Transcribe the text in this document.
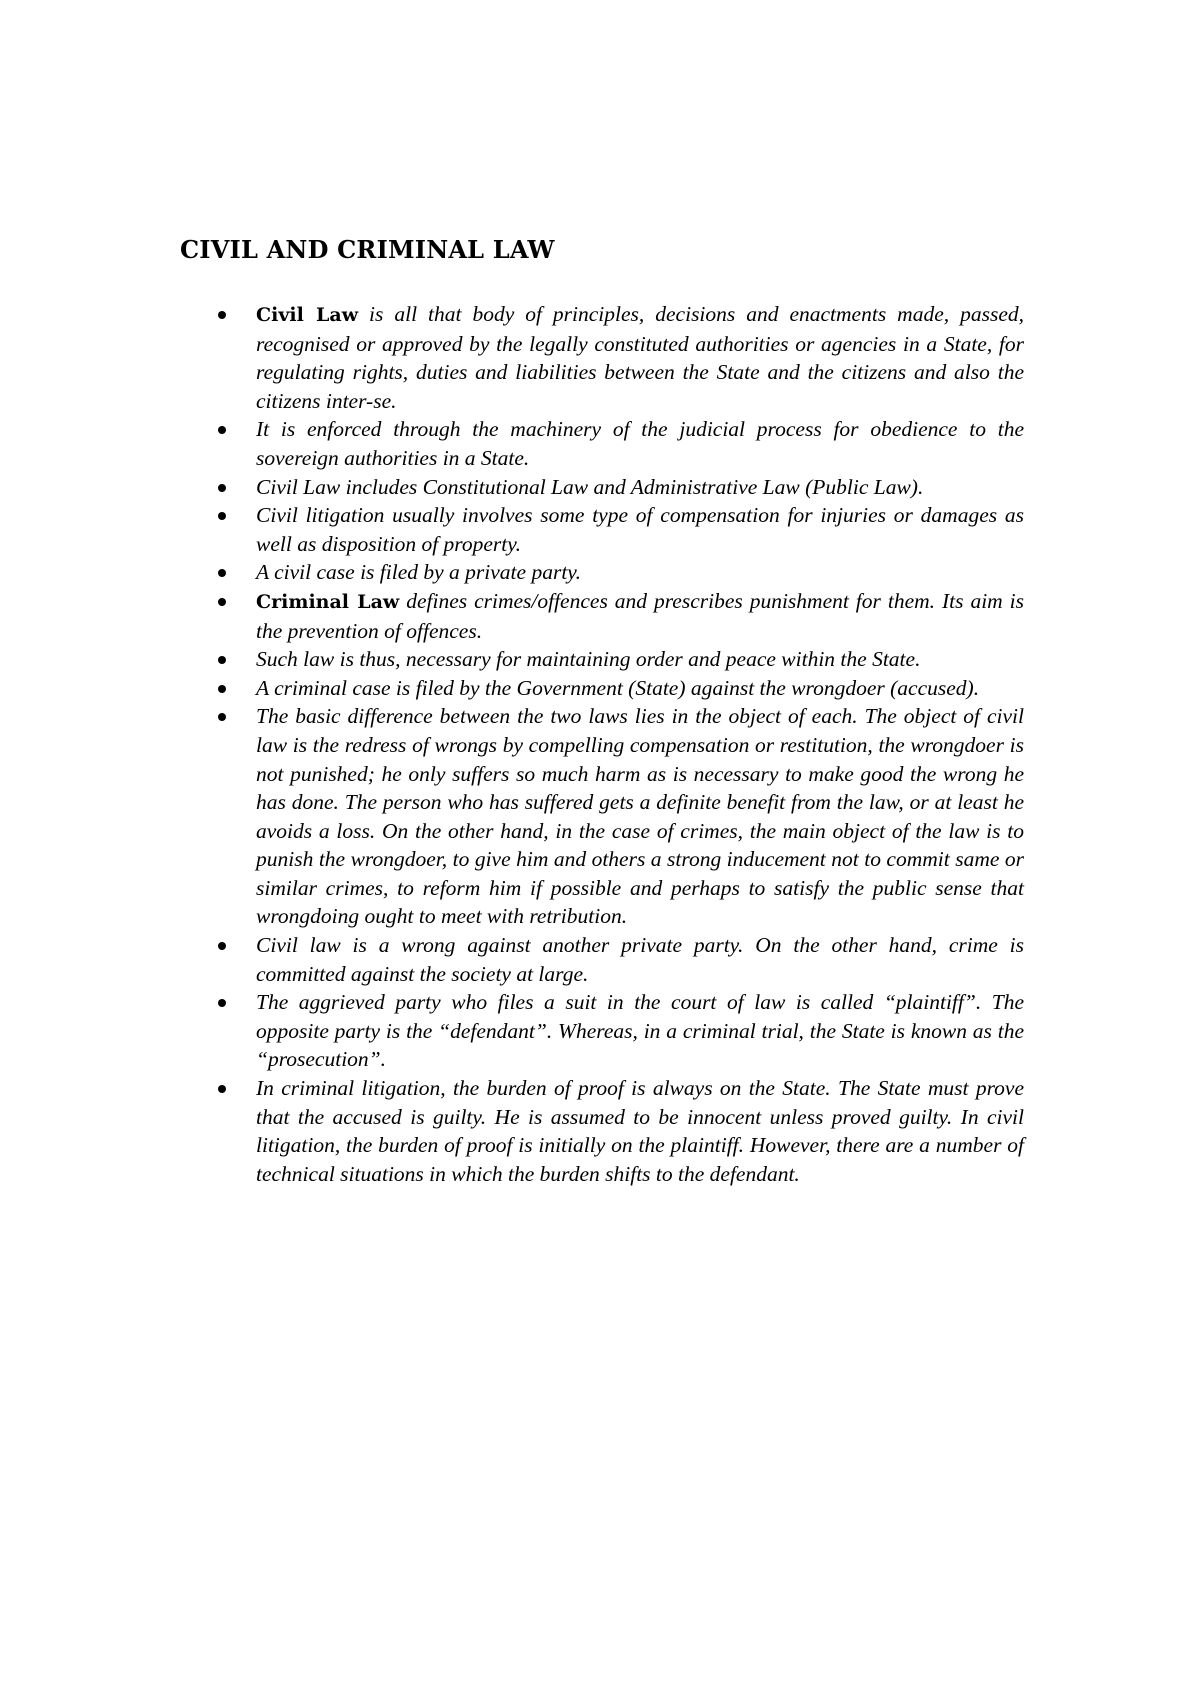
CIVIL AND CRIMINAL LAW
Civil Law is all that body of principles, decisions and enactments made, passed, recognised or approved by the legally constituted authorities or agencies in a State, for regulating rights, duties and liabilities between the State and the citizens and also the citizens inter-se.
It is enforced through the machinery of the judicial process for obedience to the sovereign authorities in a State.
Civil Law includes Constitutional Law and Administrative Law (Public Law).
Civil litigation usually involves some type of compensation for injuries or damages as well as disposition of property.
A civil case is filed by a private party.
Criminal Law defines crimes/offences and prescribes punishment for them. Its aim is the prevention of offences.
Such law is thus, necessary for maintaining order and peace within the State.
A criminal case is filed by the Government (State) against the wrongdoer (accused).
The basic difference between the two laws lies in the object of each. The object of civil law is the redress of wrongs by compelling compensation or restitution, the wrongdoer is not punished; he only suffers so much harm as is necessary to make good the wrong he has done. The person who has suffered gets a definite benefit from the law, or at least he avoids a loss. On the other hand, in the case of crimes, the main object of the law is to punish the wrongdoer, to give him and others a strong inducement not to commit same or similar crimes, to reform him if possible and perhaps to satisfy the public sense that wrongdoing ought to meet with retribution.
Civil law is a wrong against another private party. On the other hand, crime is committed against the society at large.
The aggrieved party who files a suit in the court of law is called “plaintiff”. The opposite party is the “defendant”. Whereas, in a criminal trial, the State is known as the “prosecution”.
In criminal litigation, the burden of proof is always on the State. The State must prove that the accused is guilty. He is assumed to be innocent unless proved guilty. In civil litigation, the burden of proof is initially on the plaintiff. However, there are a number of technical situations in which the burden shifts to the defendant.
